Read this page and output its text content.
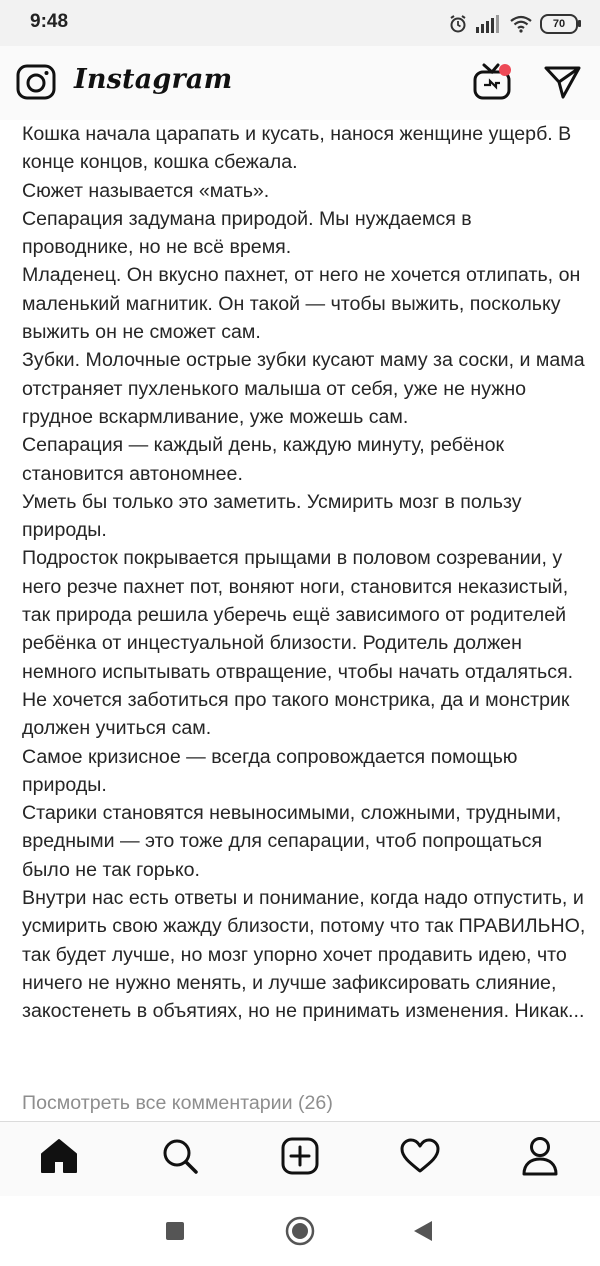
9:48	70
Instagram

Кошка начала царапать и кусать, нанося женщине ущерб. В конце концов, кошка сбежала.

Сюжет называется «мать».

Сепарация задумана природой. Мы нуждаемся в проводнике, но не всё время.

Младенец. Он вкусно пахнет, от него не хочется отлипать, он маленький магнитик. Он такой — чтобы выжить, поскольку выжить он не сможет сам.

Зубки. Молочные острые зубки кусают маму за соски, и мама отстраняет пухленького малыша от себя, уже не нужно грудное вскармливание, уже можешь сам.

Сепарация — каждый день, каждую минуту, ребёнок становится автономнее.

Уметь бы только это заметить. Усмирить мозг в пользу природы.

Подросток покрывается прыщами в половом созревании, у него резче пахнет пот, воняют ноги, становится неказистый, так природа решила уберечь ещё зависимого от родителей ребёнка от инцестуальной близости. Родитель должен немного испытывать отвращение, чтобы начать отдаляться. Не хочется заботиться про такого монстрика, да и монстрик должен учиться сам.

Самое кризисное — всегда сопровождается помощью природы.

Старики становятся невыносимыми, сложными, трудными, вредными — это тоже для сепарации, чтоб попрощаться было не так горько.

Внутри нас есть ответы и понимание, когда надо отпустить, и усмирить свою жажду близости, потому что так ПРАВИЛЬНО, так будет лучше, но мозг упорно хочет продавить идею, что ничего не нужно менять, и лучше зафиксировать слияние, закостенеть в объятиях, но не принимать изменения. Никак...

Посмотреть все комментарии (26)
